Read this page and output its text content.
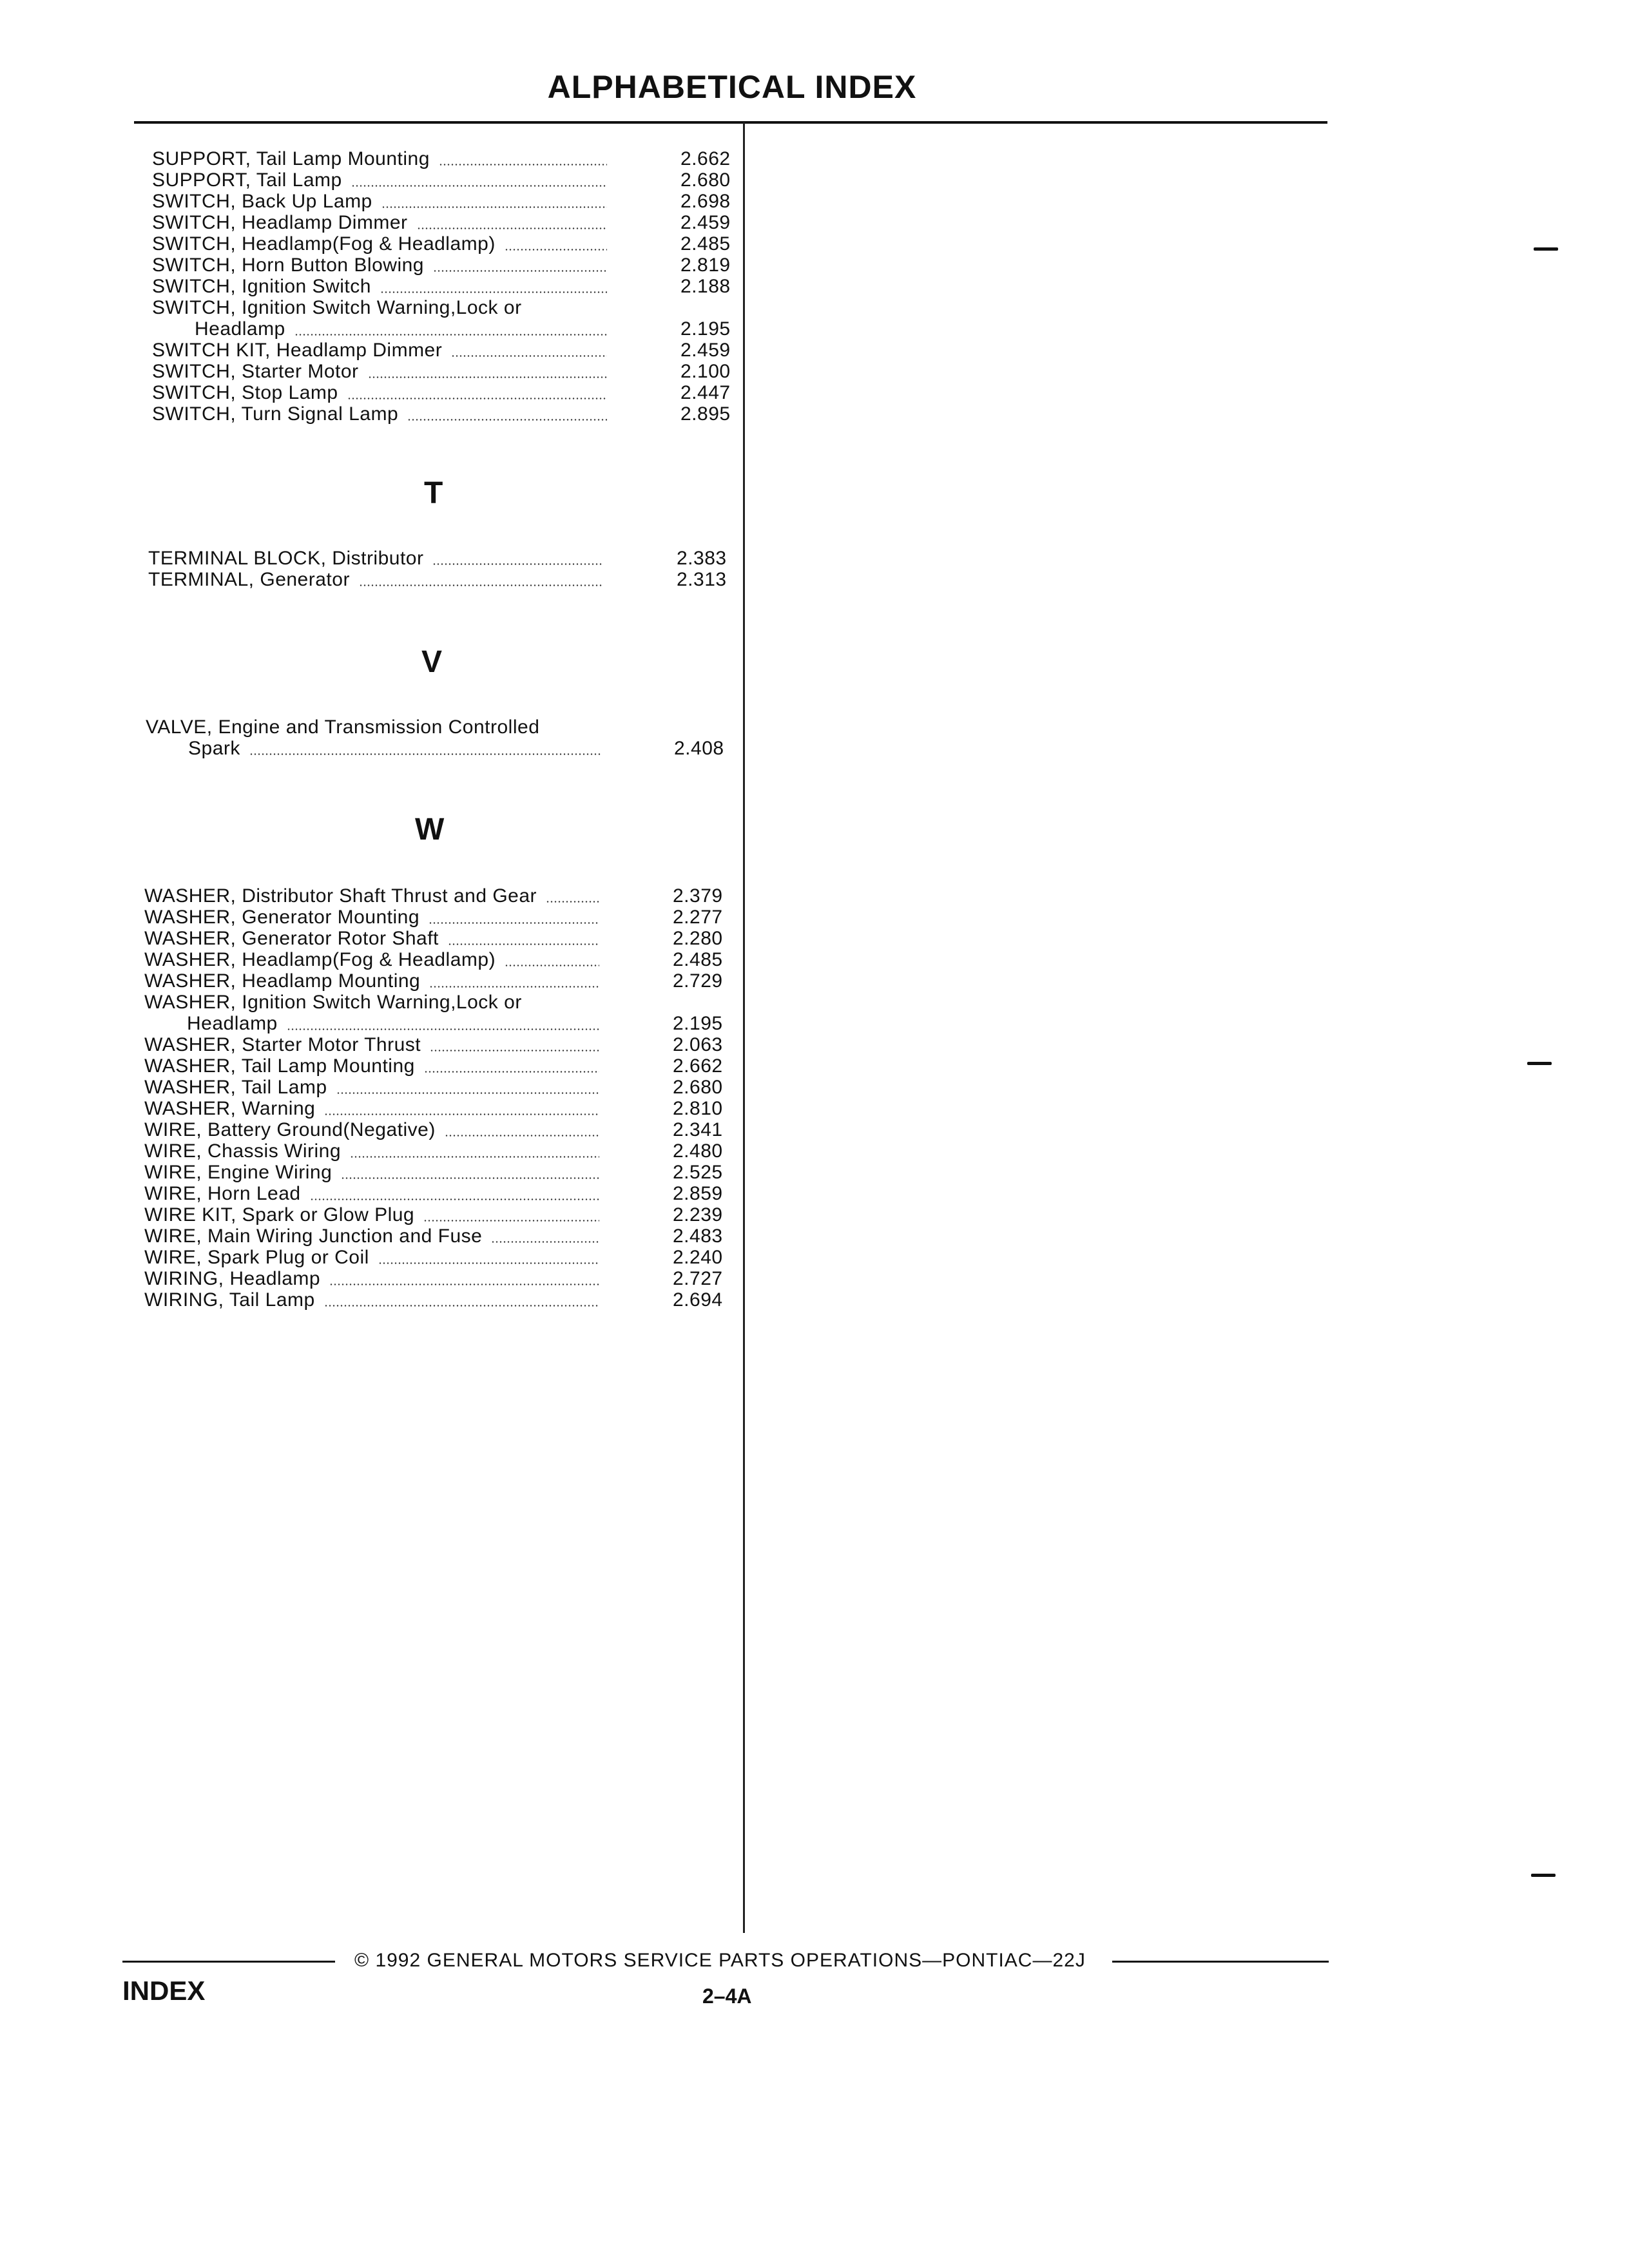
ALPHABETICAL INDEX
SUPPORT, Tail Lamp Mounting	2.662
SUPPORT, Tail Lamp	2.680
SWITCH, Back Up Lamp	2.698
SWITCH, Headlamp Dimmer	2.459
SWITCH, Headlamp(Fog & Headlamp)	2.485
SWITCH, Horn Button Blowing	2.819
SWITCH, Ignition Switch	2.188
SWITCH, Ignition Switch Warning,Lock or
Headlamp	2.195
SWITCH KIT, Headlamp Dimmer	2.459
SWITCH, Starter Motor	2.100
SWITCH, Stop Lamp	2.447
SWITCH, Turn Signal Lamp	2.895
T
TERMINAL BLOCK, Distributor	2.383
TERMINAL, Generator	2.313
V
VALVE, Engine and Transmission Controlled
Spark	2.408
W
WASHER, Distributor Shaft Thrust and Gear	2.379
WASHER, Generator Mounting	2.277
WASHER, Generator Rotor Shaft	2.280
WASHER, Headlamp(Fog & Headlamp)	2.485
WASHER, Headlamp Mounting	2.729
WASHER, Ignition Switch Warning,Lock or
Headlamp	2.195
WASHER, Starter Motor Thrust	2.063
WASHER, Tail Lamp Mounting	2.662
WASHER, Tail Lamp	2.680
WASHER, Warning	2.810
WIRE, Battery Ground(Negative)	2.341
WIRE, Chassis Wiring	2.480
WIRE, Engine Wiring	2.525
WIRE, Horn Lead	2.859
WIRE KIT, Spark or Glow Plug	2.239
WIRE, Main Wiring Junction and Fuse	2.483
WIRE, Spark Plug or Coil	2.240
WIRING, Headlamp	2.727
WIRING, Tail Lamp	2.694
© 1992 GENERAL MOTORS SERVICE PARTS OPERATIONS—PONTIAC—22J
INDEX	2–4A
